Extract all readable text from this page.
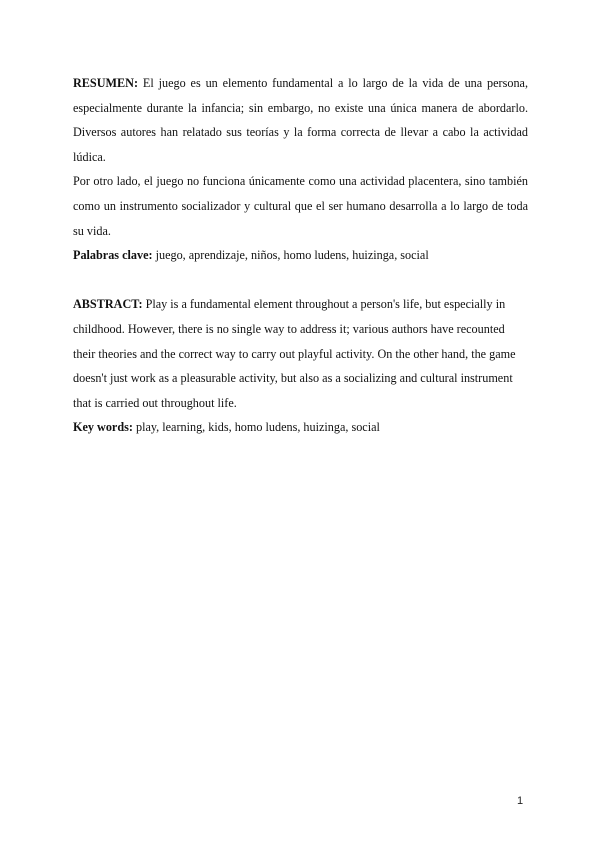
RESUMEN: El juego es un elemento fundamental a lo largo de la vida de una persona, especialmente durante la infancia; sin embargo, no existe una única manera de abordarlo. Diversos autores han relatado sus teorías y la forma correcta de llevar a cabo la actividad lúdica.

Por otro lado, el juego no funciona únicamente como una actividad placentera, sino también como un instrumento socializador y cultural que el ser humano desarrolla a lo largo de toda su vida.

Palabras clave: juego, aprendizaje, niños, homo ludens, huizinga, social

ABSTRACT: Play is a fundamental element throughout a person's life, but especially in childhood. However, there is no single way to address it; various authors have recounted their theories and the correct way to carry out playful activity. On the other hand, the game doesn't just work as a pleasurable activity, but also as a socializing and cultural instrument that is carried out throughout life.

Key words: play, learning, kids, homo ludens, huizinga, social

1
